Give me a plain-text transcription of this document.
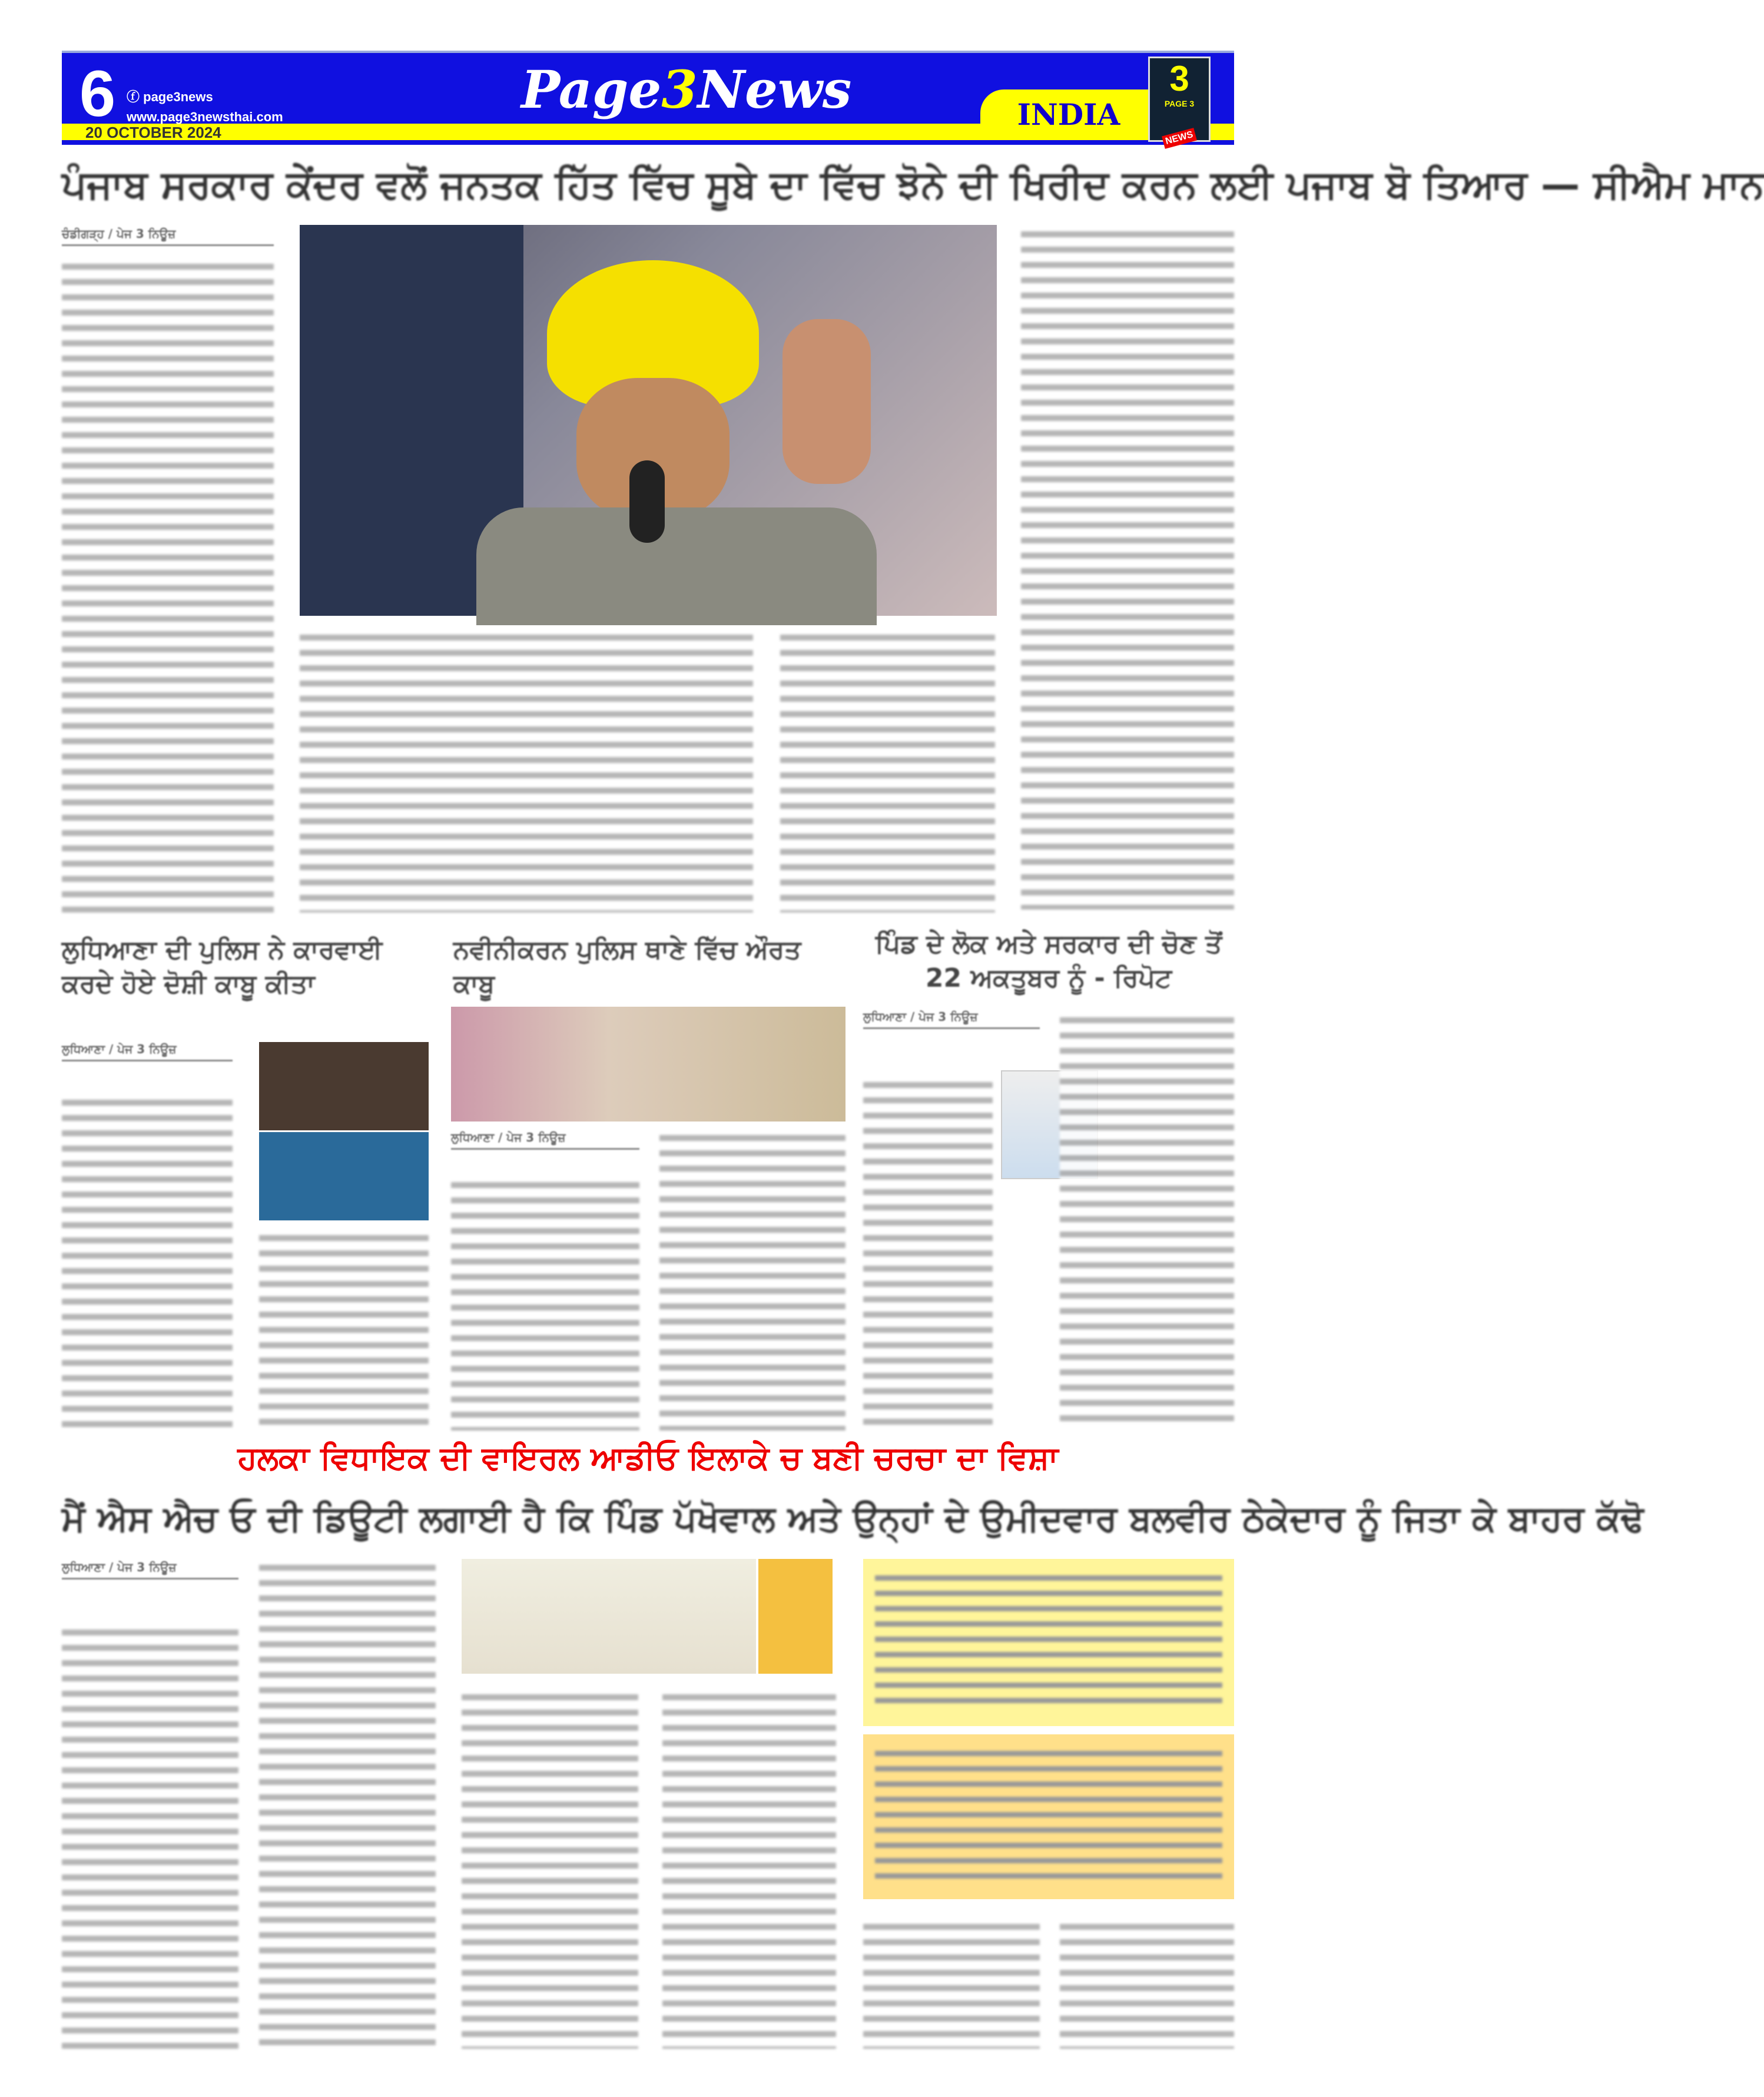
6 ⓕ page3news
www.page3newsthai.com
20 OCTOBER 2024
Page3News	INDIA
3
PAGE 3
NEWS
ਪੰਜਾਬ ਸਰਕਾਰ ਕੇਂਦਰ ਵਲੋਂ ਜਨਤਕ ਹਿੱਤ ਵਿੱਚ ਸੂਬੇ ਦਾ ਵਿੱਚ ਝੋਨੇ ਦੀ ਖਿਰੀਦ ਕਰਨ ਲਈ ਪਜਾਬ ਬੋ ਤਿਆਰ — ਸੀਐਮ ਮਾਨ
ਚੰਡੀਗੜ੍ਹ / ਪੇਜ 3 ਨਿਊਜ਼
ਲੁਧਿਆਣਾ ਦੀ ਪੁਲਿਸ ਨੇ ਕਾਰਵਾਈ ਕਰਦੇ ਹੋਏ ਦੋਸ਼ੀ ਕਾਬੂ ਕੀਤਾ
ਲੁਧਿਆਣਾ / ਪੇਜ 3 ਨਿਊਜ਼
ਨਵੀਨੀਕਰਨ ਪੁਲਿਸ ਥਾਣੇ ਵਿੱਚ ਔਰਤ ਕਾਬੂ
ਲੁਧਿਆਣਾ / ਪੇਜ 3 ਨਿਊਜ਼
ਪਿੰਡ ਦੇ ਲੋਕ ਅਤੇ ਸਰਕਾਰ ਦੀ ਚੋਣ ਤੋਂ 22 ਅਕਤੂਬਰ ਨੂੰ - ਰਿਪੋਟ
ਲੁਧਿਆਣਾ / ਪੇਜ 3 ਨਿਊਜ਼
ਹਲਕਾ ਵਿਧਾਇਕ ਦੀ ਵਾਇਰਲ ਆਡੀਓ ਇਲਾਕੇ ਚ ਬਣੀ ਚਰਚਾ ਦਾ ਵਿਸ਼ਾ
ਮੈਂ ਐਸ ਐਚ ਓ ਦੀ ਡਿਊਟੀ ਲਗਾਈ ਹੈ ਕਿ ਪਿੰਡ ਪੱਖੋਵਾਲ ਅਤੇ ਉਨ੍ਹਾਂ ਦੇ ਉਮੀਦਵਾਰ ਬਲਵੀਰ ਠੇਕੇਦਾਰ ਨੂੰ ਜਿਤਾ ਕੇ ਬਾਹਰ ਕੱਢੋ
ਲੁਧਿਆਣਾ / ਪੇਜ 3 ਨਿਊਜ਼
